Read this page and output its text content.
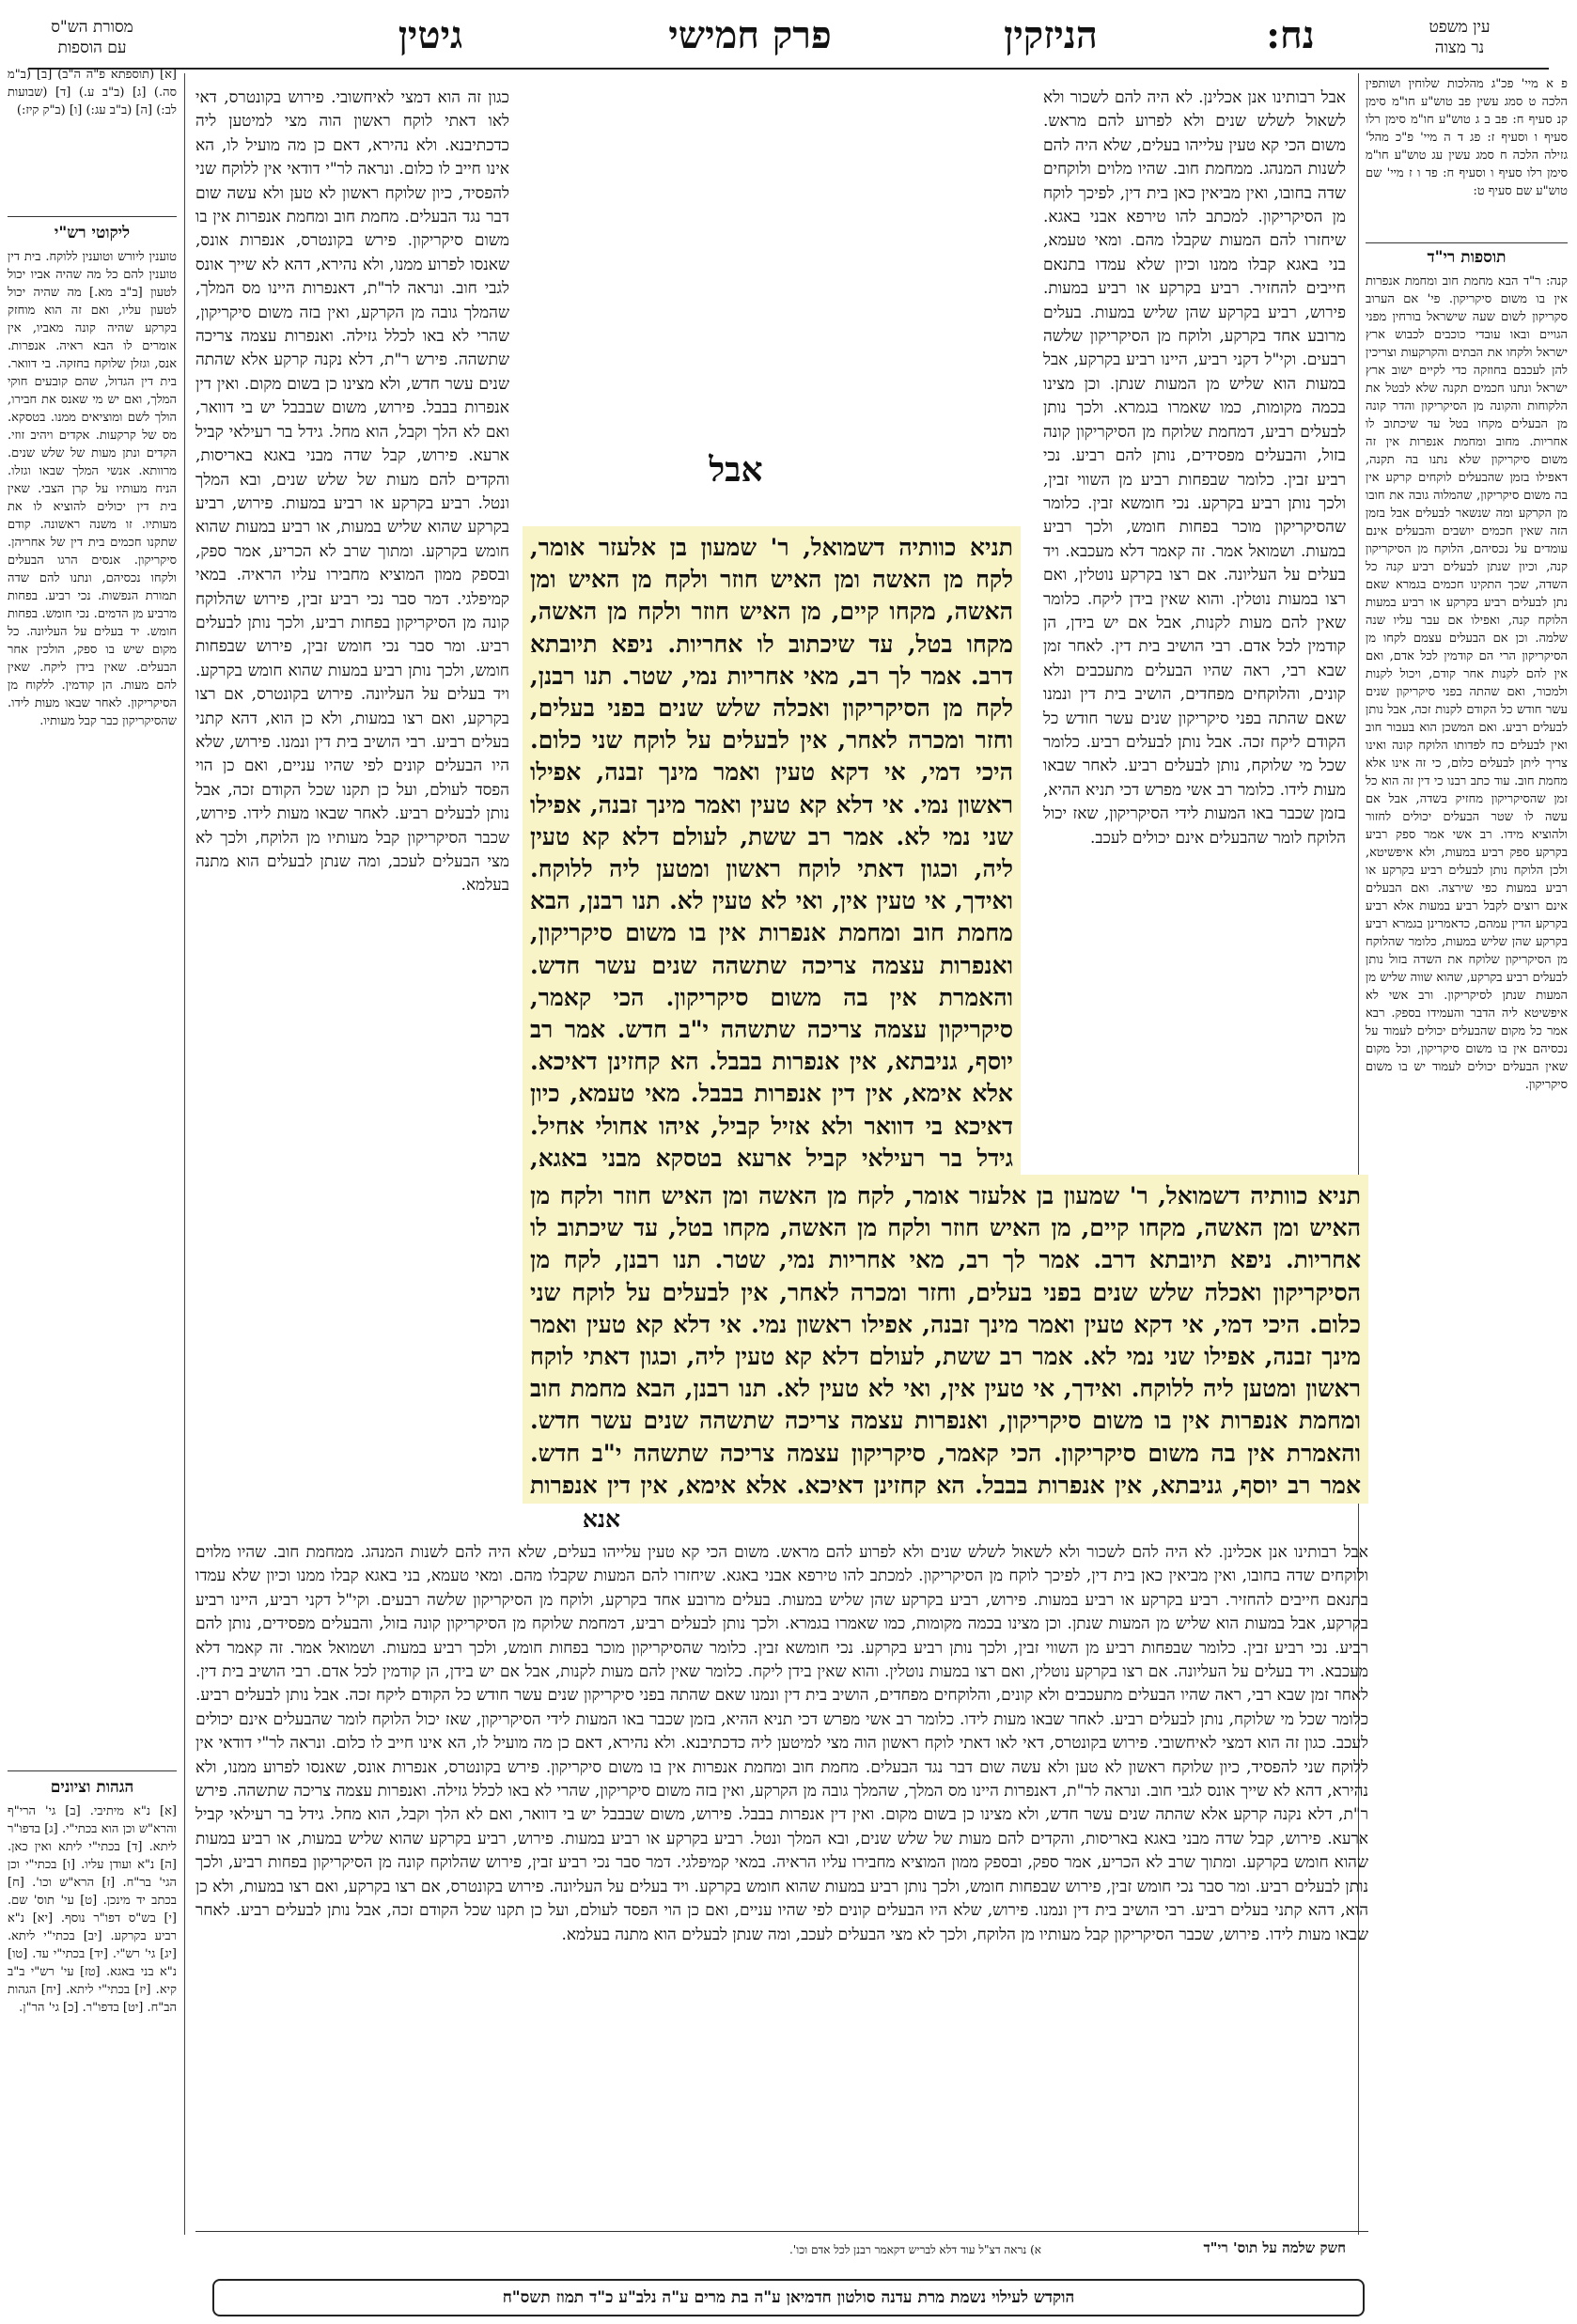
עין משפט
נר מצוה
נח:
הניזקין
פרק חמישי
גיטין
מסורת הש"ס
עם הוספות
פ א מיי' פכ"ג מהלכות שלוחין ושותפין הלכה ט סמג עשין פב טוש"ע חו"מ סימן קנ סעיף ח: פב ב ג טוש"ע חו"מ סימן רלו סעיף ו וסעיף ז: פג ד ה מיי' פ"כ מהל' גזילה הלכה ח סמג עשין עג טוש"ע חו"מ סימן רלו סעיף ו וסעיף ח: פד ו ז מיי' שם טוש"ע שם סעיף ט:
תוספות רי"ד
קנה: ר"ד הבא מחמת חוב ומחמת אנפרות אין בו משום סיקריקון. פי' אם הערוב סקריקון לשום שעה שישראל בורחין מפני הגויים ובאו עובדי כוכבים לכבוש ארץ ישראל ולקחו את הבתים והקרקעות וצריכין להן לעכבם בחוזקה כדי לקיים ישוב ארץ ישראל ונתנו חכמים תקנה שלא לבטל את הלקוחות והקונה מן הסיקריקון והדר קונה מן הבעלים מקחו בטל עד שיכתוב לו אחריות. מחוב ומחמת אנפרות אין זה משום סיקריקון שלא נתנו בה תקנה, דאפילו בזמן שהבעלים לוקחים קרקע אין בה משום סיקריקון, שהמלוה גובה את חובו מן הקרקע ומה שנשאר לבעלים אבל בזמן הזה שאין חכמים יושבים והבעלים אינם עומדים על נכסיהם, הלוקח מן הסיקריקון קנה, וכיון שנתן לבעלים רביע קנה כל השדה, שכך התקינו חכמים בגמרא שאם נתן לבעלים רביע בקרקע או רביע במעות הלוקח קנה, ואפילו אם עבר עליו שנה שלמה. וכן אם הבעלים עצמם לקחו מן הסיקריקון הרי הם קודמין לכל אדם, ואם אין להם לקנות אחר קודם, ויכול לקנות ולמכור, ואם שהתה בפני סיקריקון שנים עשר חודש כל הקודם לקנות זכה, אבל נותן לבעלים רביע. ואם המשכן הוא בעבור חוב ואין לבעלים כח לפדותו הלוקח קונה ואינו צריך ליתן לבעלים כלום, כי זה אינו אלא מחמת חוב. עוד כתב רבנו כי דין זה הוא כל זמן שהסיקריקון מחזיק בשדה, אבל אם עשה לו שטר הבעלים יכולים לחזור ולהוציא מידו. רב אשי אמר ספק רביע בקרקע ספק רביע במעות, ולא איפשיטא, ולכן הלוקח נותן לבעלים רביע בקרקע או רביע במעות כפי שירצה. ואם הבעלים אינם רוצים לקבל רביע במעות אלא רביע בקרקע הדין עמהם, כדאמרינן בגמרא רביע בקרקע שהן שליש במעות, כלומר שהלוקח מן הסיקריקון שלוקח את השדה בזול נותן לבעלים רביע בקרקע, שהוא שווה שליש מן המעות שנתן לסיקריקון. ורב אשי לא איפשיטא ליה הדבר והעמידו בספק. רבא אמר כל מקום שהבעלים יכולים לעמוד על נכסיהם אין בו משום סיקריקון, וכל מקום שאין הבעלים יכולים לעמוד יש בו משום סיקריקון.
[א] (תוספתא פ"ה ה"ב) [ב] (ב"מ סה.) [ג] (ב"ב ע.) [ד] (שבועות לב:) [ה] (ב"ב עג:) [ו] (ב"ק קיז:)
ליקוטי רש"י
טוענין ליורש וטוענין ללוקח. בית דין טוענין להם כל מה שהיה אביו יכול לטעון [ב"ב מא.] מה שהיה יכול לטעון עליו, ואם זה הוא מוחזק בקרקע שהיה קונה מאביו, אין אומרים לו הבא ראיה. אנפרות. אנס, וגזלן שלוקח בחזקה. בי דוואר. בית דין הגדול, שהם קובעים חוקי המלך, ואם יש מי שאנס את חבירו, הולך לשם ומוציאים ממנו. בטסקא. מס של קרקעות. אקדים ויהיב זוזי. הקדים ונתן מעות של שלש שנים. מרוותא. אנשי המלך שבאו וגזלו. הניח מעותיו על קרן הצבי. שאין בית דין יכולים להוציא לו את מעותיו. זו משנה ראשונה. קודם שתקנו חכמים בית דין של אחריהן. סיקריקון. אנסים הרגו הבעלים ולקחו נכסיהם, ונתנו להם שדה תמורת הנפשות. נכי רביע. בפחות מרביע מן הדמים. נכי חומש. בפחות חומש. יד בעלים על העליונה. כל מקום שיש בו ספק, הולכין אחר הבעלים. שאין בידן ליקח. שאין להם מעות. הן קודמין. ללקוח מן הסיקריקון. לאחר שבאו מעות לידו. שהסיקריקון כבר קבל מעותיו.
הגהות וציונים
[א] נ"א מיתיבי. [ב] גי' הרי"ף והרא"ש וכן הוא בכתי"י. [ג] בדפו"ר ליתא. [ד] בכתי"י ליתא ואין כאן. [ה] נ"א ועודן עליו. [ו] בכתי"י וכן הגי' בר"ח. [ז] הרא"ש וכו'. [ח] בכתב יד מינכן. [ט] עי' תוס' שם. [י] בש"ס דפו"ר נוסף. [יא] נ"א רביע בקרקע. [יב] בכתי"י ליתא. [יג] גי' רש"י. [יד] בכתי"י עד. [טו] נ"א בני באגא. [טז] עי' רש"י ב"ב קיא. [יז] בכתי"י ליתא. [יח] הגהות הב"ח. [יט] בדפו"ר. [כ] גי' הר"ן.
אבל רבותינו אנן אכלינן. לא היה להם לשכור ולא לשאול לשלש שנים ולא לפרוע להם מראש. משום הכי קא טעין עלייהו בעלים, שלא היה להם לשנות המנהג. ממחמת חוב. שהיו מלוים ולוקחים שדה בחובו, ואין מביאין כאן בית דין, לפיכך לוקח מן הסיקריקון. למכתב להו טירפא אבני באגא. שיחזרו להם המעות שקבלו מהם. ומאי טעמא, בני באגא קבלו ממנו וכיון שלא עמדו בתנאם חייבים להחזיר. רביע בקרקע או רביע במעות. פירוש, רביע בקרקע שהן שליש במעות. בעלים מרובע אחד בקרקע, ולוקח מן הסיקריקון שלשה רבעים. וקי"ל דקני רביע, היינו רביע בקרקע, אבל במעות הוא שליש מן המעות שנתן. וכן מצינו בכמה מקומות, כמו שאמרו בגמרא. ולכך נותן לבעלים רביע, דמחמת שלוקח מן הסיקריקון קונה בזול, והבעלים מפסידים, נותן להם רביע. נכי רביע זבין. כלומר שבפחות רביע מן השווי זבין, ולכך נותן רביע בקרקע. נכי חומשא זבין. כלומר שהסיקריקון מוכר בפחות חומש, ולכך רביע במעות. ושמואל אמר. זה קאמר דלא מעכבא. ויד בעלים על העליונה. אם רצו בקרקע נוטלין, ואם רצו במעות נוטלין. והוא שאין בידן ליקח. כלומר שאין להם מעות לקנות, אבל אם יש בידן, הן קודמין לכל אדם. רבי הושיב בית דין. לאחר זמן שבא רבי, ראה שהיו הבעלים מתעכבים ולא קונים, והלוקחים מפחדים, הושיב בית דין ונמנו שאם שהתה בפני סיקריקון שנים עשר חודש כל הקודם ליקח זכה. אבל נותן לבעלים רביע. כלומר שכל מי שלוקח, נותן לבעלים רביע. לאחר שבאו מעות לידו. כלומר רב אשי מפרש דכי תניא ההיא, בזמן שכבר באו המעות לידי הסיקריקון, שאז יכול הלוקח לומר שהבעלים אינם יכולים לעכב.
כגון זה הוא דמצי לאיחשובי. פירוש בקונטרס, דאי לאו דאתי לוקח ראשון הוה מצי למיטען ליה כדכתיבנא. ולא נהירא, דאם כן מה מועיל לו, הא אינו חייב לו כלום. ונראה לר"י דודאי אין ללוקח שני להפסיד, כיון שלוקח ראשון לא טען ולא עשה שום דבר נגד הבעלים. מחמת חוב ומחמת אנפרות אין בו משום סיקריקון. פירש בקונטרס, אנפרות אונס, שאנסו לפרוע ממנו, ולא נהירא, דהא לא שייך אונס לגבי חוב. ונראה לר"ת, דאנפרות היינו מס המלך, שהמלך גובה מן הקרקע, ואין בזה משום סיקריקון, שהרי לא באו לכלל גזילה. ואנפרות עצמה צריכה שתשהה. פירש ר"ת, דלא נקנה קרקע אלא שהתה שנים עשר חדש, ולא מצינו כן בשום מקום. ואין דין אנפרות בבבל. פירוש, משום שבבבל יש בי דוואר, ואם לא הלך וקבל, הוא מחל. גידל בר רעילאי קביל ארעא. פירוש, קבל שדה מבני באגא באריסות, והקדים להם מעות של שלש שנים, ובא המלך ונטל. רביע בקרקע או רביע במעות. פירוש, רביע בקרקע שהוא שליש במעות, או רביע במעות שהוא חומש בקרקע. ומתוך שרב לא הכריע, אמר ספק, ובספק ממון המוציא מחבירו עליו הראיה. במאי קמיפלגי. דמר סבר נכי רביע זבין, פירוש שהלוקח קונה מן הסיקריקון בפחות רביע, ולכך נותן לבעלים רביע. ומר סבר נכי חומש זבין, פירוש שבפחות חומש, ולכך נותן רביע במעות שהוא חומש בקרקע. ויד בעלים על העליונה. פירוש בקונטרס, אם רצו בקרקע, ואם רצו במעות, ולא כן הוא, דהא קתני בעלים רביע. רבי הושיב בית דין ונמנו. פירוש, שלא היו הבעלים קונים לפי שהיו עניים, ואם כן הוי הפסד לעולם, ועל כן תקנו שכל הקודם זכה, אבל נותן לבעלים רביע. לאחר שבאו מעות לידו. פירוש, שכבר הסיקריקון קבל מעותיו מן הלוקח, ולכך לא מצי הבעלים לעכב, ומה שנתן לבעלים הוא מתנה בעלמא.
תניא כוותיה דשמואל, ר' שמעון בן אלעזר אומר, לקח מן האשה ומן האיש חוזר ולקח מן האיש ומן האשה, מקחו קיים, מן האיש חוזר ולקח מן האשה, מקחו בטל, עד שיכתוב לו אחריות. ניפא תיובתא דרב. אמר לך רב, מאי אחריות נמי, שטר. תנו רבנן, לקח מן הסיקריקון ואכלה שלש שנים בפני בעלים, וחזר ומכרה לאחר, אין לבעלים על לוקח שני כלום. היכי דמי, אי דקא טעין ואמר מינך זבנה, אפילו ראשון נמי. אי דלא קא טעין ואמר מינך זבנה, אפילו שני נמי לא. אמר רב ששת, לעולם דלא קא טעין ליה, וכגון דאתי לוקח ראשון ומטען ליה ללוקח. ואידך, אי טעין אין, ואי לא טעין לא. תנו רבנן, הבא מחמת חוב ומחמת אנפרות אין בו משום סיקריקון, ואנפרות עצמה צריכה שתשהה שנים עשר חדש. והאמרת אין בה משום סיקריקון. הכי קאמר, סיקריקון עצמה צריכה שתשהה י"ב חדש. אמר רב יוסף, גניבתא, אין אנפרות בבבל. הא קחזינן דאיכא. אלא אימא, אין דין אנפרות בבבל. מאי טעמא, כיון דאיכא בי דוואר ולא אזיל קביל, איהו אחולי אחיל. גידל בר רעילאי קביל ארעא בטסקא מבני באגא,
תניא כוותיה דשמואל, ר' שמעון בן אלעזר אומר, לקח מן האשה ומן האיש חוזר ולקח מן האיש ומן האשה, מקחו קיים, מן האיש חוזר ולקח מן האשה, מקחו בטל, עד שיכתוב לו אחריות. ניפא תיובתא דרב. אמר לך רב, מאי אחריות נמי, שטר. תנו רבנן, לקח מן הסיקריקון ואכלה שלש שנים בפני בעלים, וחזר ומכרה לאחר, אין לבעלים על לוקח שני כלום. היכי דמי, אי דקא טעין ואמר מינך זבנה, אפילו ראשון נמי. אי דלא קא טעין ואמר מינך זבנה, אפילו שני נמי לא. אמר רב ששת, לעולם דלא קא טעין ליה, וכגון דאתי לוקח ראשון ומטען ליה ללוקח. ואידך, אי טעין אין, ואי לא טעין לא. תנו רבנן, הבא מחמת חוב ומחמת אנפרות אין בו משום סיקריקון, ואנפרות עצמה צריכה שתשהה שנים עשר חדש. והאמרת אין בה משום סיקריקון. הכי קאמר, סיקריקון עצמה צריכה שתשהה י"ב חדש. אמר רב יוסף, גניבתא, אין אנפרות בבבל. הא קחזינן דאיכא. אלא אימא, אין דין אנפרות
אבל
אנא
אבל רבותינו אנן אכלינן. לא היה להם לשכור ולא לשאול לשלש שנים ולא לפרוע להם מראש. משום הכי קא טעין עלייהו בעלים, שלא היה להם לשנות המנהג. ממחמת חוב. שהיו מלוים ולוקחים שדה בחובו, ואין מביאין כאן בית דין, לפיכך לוקח מן הסיקריקון. למכתב להו טירפא אבני באגא. שיחזרו להם המעות שקבלו מהם. ומאי טעמא, בני באגא קבלו ממנו וכיון שלא עמדו בתנאם חייבים להחזיר. רביע בקרקע או רביע במעות. פירוש, רביע בקרקע שהן שליש במעות. בעלים מרובע אחד בקרקע, ולוקח מן הסיקריקון שלשה רבעים. וקי"ל דקני רביע, היינו רביע בקרקע, אבל במעות הוא שליש מן המעות שנתן. וכן מצינו בכמה מקומות, כמו שאמרו בגמרא. ולכך נותן לבעלים רביע, דמחמת שלוקח מן הסיקריקון קונה בזול, והבעלים מפסידים, נותן להם רביע. נכי רביע זבין. כלומר שבפחות רביע מן השווי זבין, ולכך נותן רביע בקרקע. נכי חומשא זבין. כלומר שהסיקריקון מוכר בפחות חומש, ולכך רביע במעות. ושמואל אמר. זה קאמר דלא מעכבא. ויד בעלים על העליונה. אם רצו בקרקע נוטלין, ואם רצו במעות נוטלין. והוא שאין בידן ליקח. כלומר שאין להם מעות לקנות, אבל אם יש בידן, הן קודמין לכל אדם. רבי הושיב בית דין. לאחר זמן שבא רבי, ראה שהיו הבעלים מתעכבים ולא קונים, והלוקחים מפחדים, הושיב בית דין ונמנו שאם שהתה בפני סיקריקון שנים עשר חודש כל הקודם ליקח זכה. אבל נותן לבעלים רביע. כלומר שכל מי שלוקח, נותן לבעלים רביע. לאחר שבאו מעות לידו. כלומר רב אשי מפרש דכי תניא ההיא, בזמן שכבר באו המעות לידי הסיקריקון, שאז יכול הלוקח לומר שהבעלים אינם יכולים לעכב. כגון זה הוא דמצי לאיחשובי. פירוש בקונטרס, דאי לאו דאתי לוקח ראשון הוה מצי למיטען ליה כדכתיבנא. ולא נהירא, דאם כן מה מועיל לו, הא אינו חייב לו כלום. ונראה לר"י דודאי אין ללוקח שני להפסיד, כיון שלוקח ראשון לא טען ולא עשה שום דבר נגד הבעלים. מחמת חוב ומחמת אנפרות אין בו משום סיקריקון. פירש בקונטרס, אנפרות אונס, שאנסו לפרוע ממנו, ולא נהירא, דהא לא שייך אונס לגבי חוב. ונראה לר"ת, דאנפרות היינו מס המלך, שהמלך גובה מן הקרקע, ואין בזה משום סיקריקון, שהרי לא באו לכלל גזילה. ואנפרות עצמה צריכה שתשהה. פירש ר"ת, דלא נקנה קרקע אלא שהתה שנים עשר חדש, ולא מצינו כן בשום מקום. ואין דין אנפרות בבבל. פירוש, משום שבבבל יש בי דוואר, ואם לא הלך וקבל, הוא מחל. גידל בר רעילאי קביל ארעא. פירוש, קבל שדה מבני באגא באריסות, והקדים להם מעות של שלש שנים, ובא המלך ונטל. רביע בקרקע או רביע במעות. פירוש, רביע בקרקע שהוא שליש במעות, או רביע במעות שהוא חומש בקרקע. ומתוך שרב לא הכריע, אמר ספק, ובספק ממון המוציא מחבירו עליו הראיה. במאי קמיפלגי. דמר סבר נכי רביע זבין, פירוש שהלוקח קונה מן הסיקריקון בפחות רביע, ולכך נותן לבעלים רביע. ומר סבר נכי חומש זבין, פירוש שבפחות חומש, ולכך נותן רביע במעות שהוא חומש בקרקע. ויד בעלים על העליונה. פירוש בקונטרס, אם רצו בקרקע, ואם רצו במעות, ולא כן הוא, דהא קתני בעלים רביע. רבי הושיב בית דין ונמנו. פירוש, שלא היו הבעלים קונים לפי שהיו עניים, ואם כן הוי הפסד לעולם, ועל כן תקנו שכל הקודם זכה, אבל נותן לבעלים רביע. לאחר שבאו מעות לידו. פירוש, שכבר הסיקריקון קבל מעותיו מן הלוקח, ולכך לא מצי הבעלים לעכב, ומה שנתן לבעלים הוא מתנה בעלמא.
חשק שלמה על תוס' רי"ד
א) נראה דצ"ל עוד דלא לבריש דקאמר רבנן לכל אדם וכו'.
הוקדש לעילוי נשמת מרת עדנה סולטון חדמיאן ע"ה בת מרים ע"ה נלב"ע כ"ד תמוז תשס"ח
